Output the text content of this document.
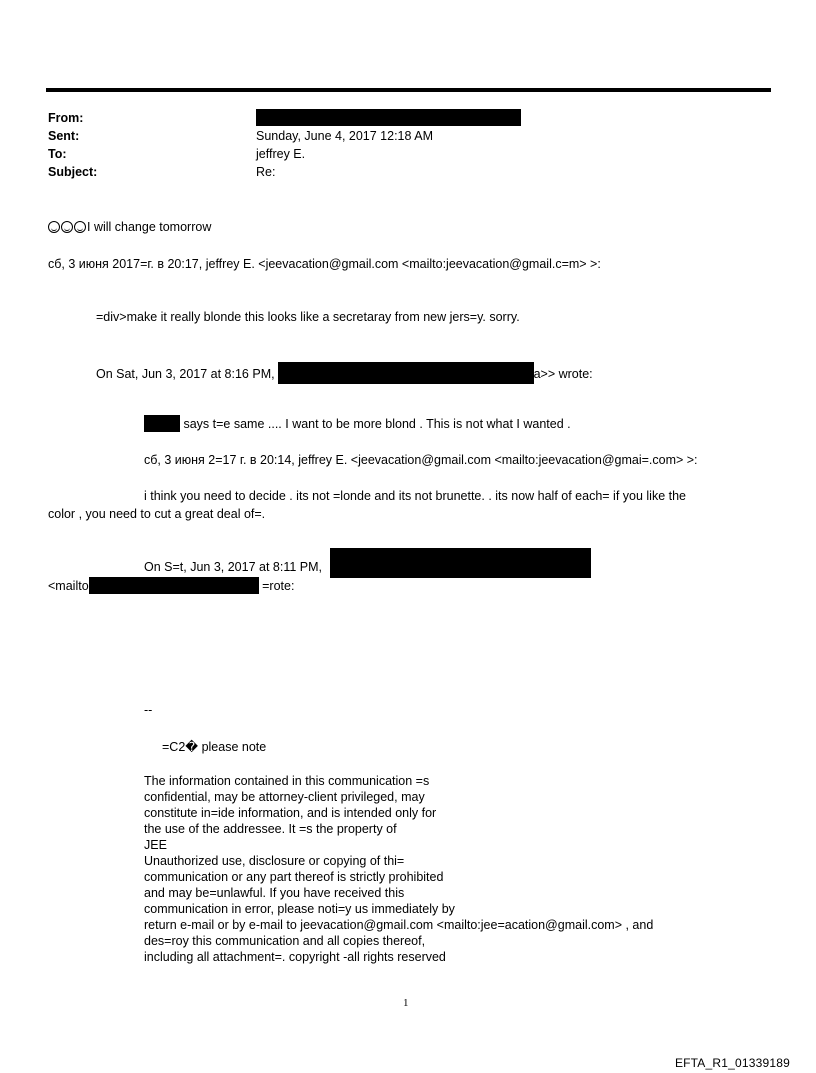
From:
Sent:	Sunday, June 4, 2017 12:18 AM
To:	jeffrey E.
Subject:	Re:
I will change tomorrow
сб, 3 июня 2017=г. в 20:17, jeffrey E. <jeevacation@gmail.com <mailto:jeevacation@gmail.c=m> >:
=div>make it really blonde this looks like a secretaray from new jers=y. sorry.
On Sat, Jun 3, 2017 at 8:16 PM,	a>> wrote:
says t=e same .... I want to be more blond . This is not what I wanted .
сб, 3 июня 2=17 г. в 20:14, jeffrey E. <jeevacation@gmail.com <mailto:jeevacation@gmai=.com> >:
i think you need to decide . its not =londe and its not brunette. . its now half of each= if you like the
color , you need to cut a great deal of=.
On S=t, Jun 3, 2017 at 8:11 PM,
<mailto	=rote:
--
=C2� please note
The information contained in this communication =s
confidential, may be attorney-client privileged, may
constitute in=ide information, and is intended only for
the use of the addressee. It =s the property of
JEE
Unauthorized use, disclosure or copying of thi=
communication or any part thereof is strictly prohibited
and may be=unlawful. If you have received this
communication in error, please noti=y us immediately by
return e-mail or by e-mail to jeevacation@gmail.com <mailto:jee=acation@gmail.com> , and
des=roy this communication and all copies thereof,
including all attachment=. copyright -all rights reserved
1
EFTA_R1_01339189
